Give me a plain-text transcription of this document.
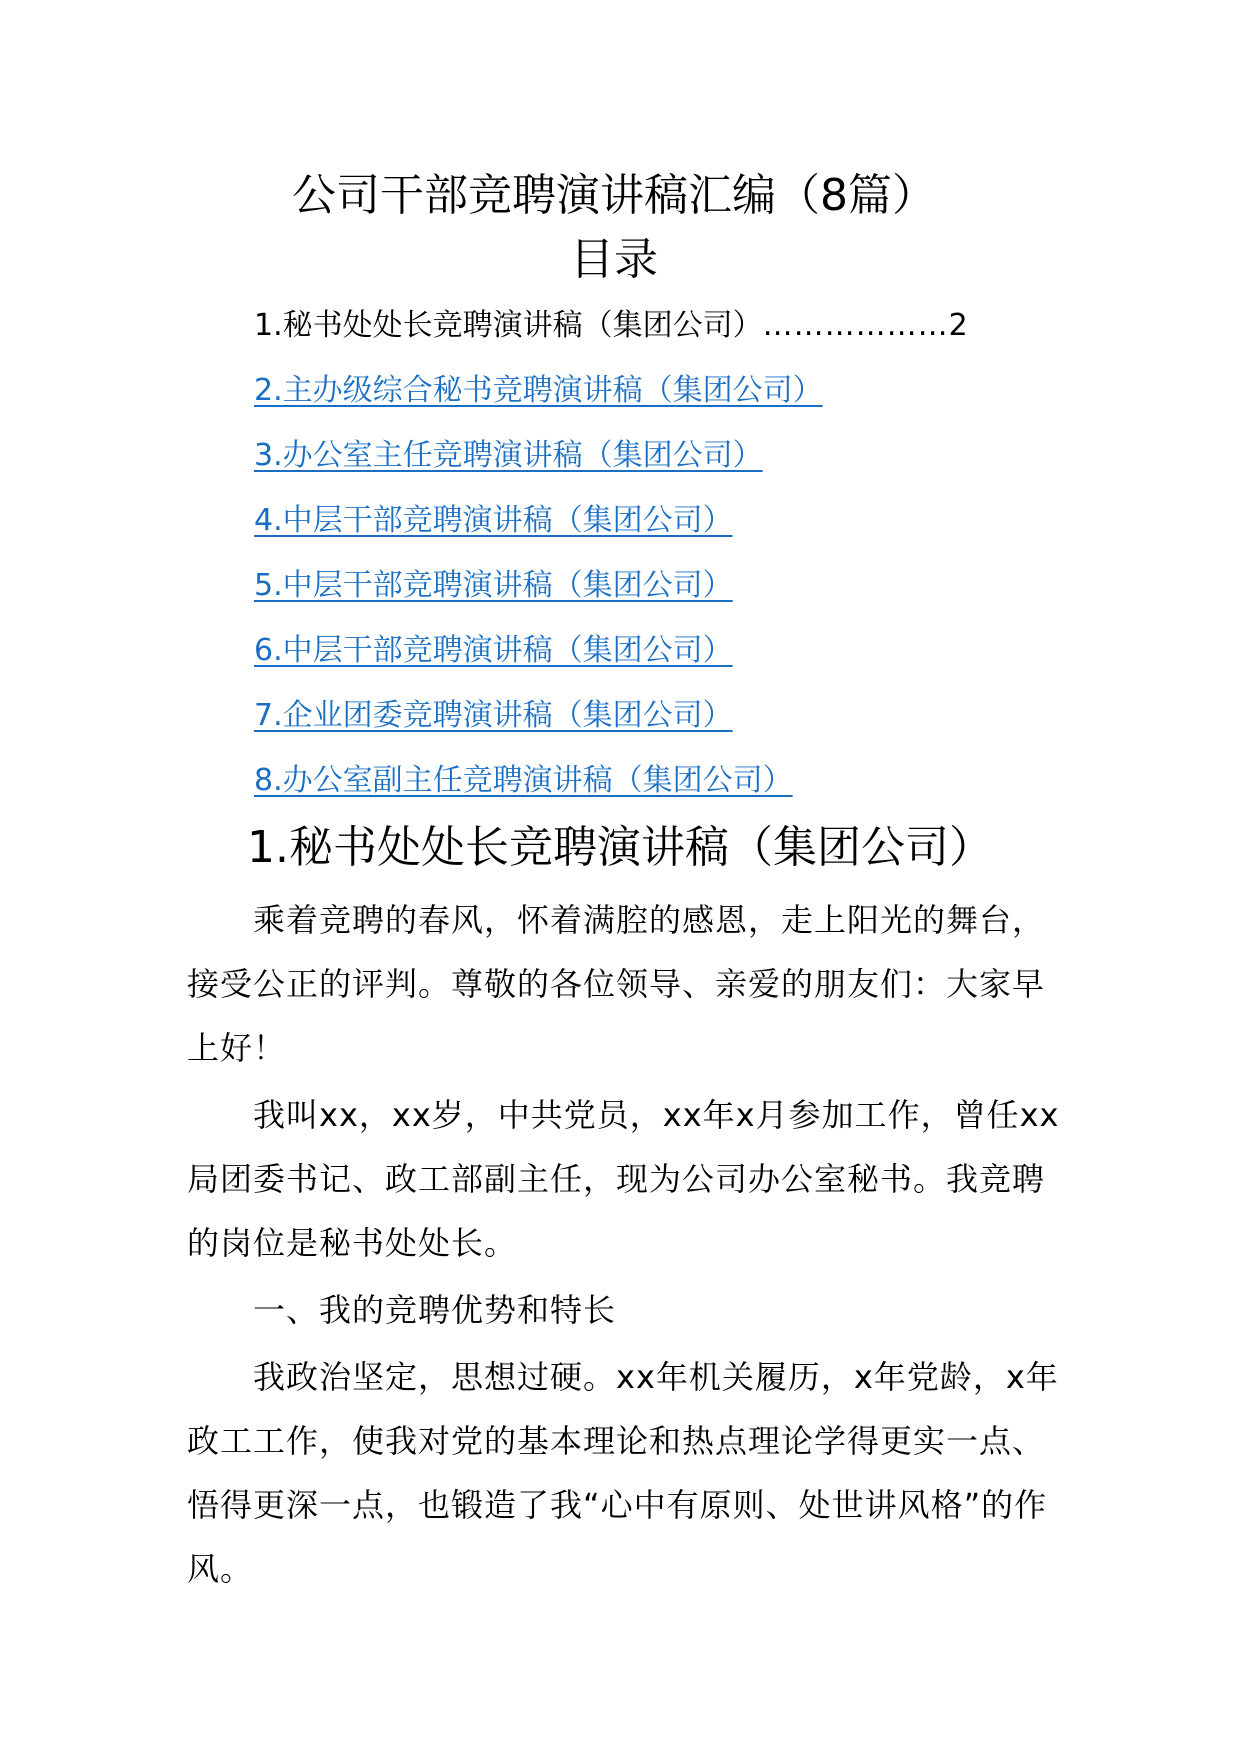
公司干部竞聘演讲稿汇编（8篇）
目录
1.秘书处处长竞聘演讲稿（集团公司）………………2
2.主办级综合秘书竞聘演讲稿（集团公司）
3.办公室主任竞聘演讲稿（集团公司）
4.中层干部竞聘演讲稿（集团公司）
5.中层干部竞聘演讲稿（集团公司）
6.中层干部竞聘演讲稿（集团公司）
7.企业团委竞聘演讲稿（集团公司）
8.办公室副主任竞聘演讲稿（集团公司）
1.秘书处处长竞聘演讲稿（集团公司）

乘着竞聘的春风，怀着满腔的感恩，走上阳光的舞台，接受公正的评判。尊敬的各位领导、亲爱的朋友们：大家早上好！

我叫xx，xx岁，中共党员，xx年x月参加工作，曾任xx局团委书记、政工部副主任，现为公司办公室秘书。我竞聘的岗位是秘书处处长。

一、我的竞聘优势和特长

我政治坚定，思想过硬。xx年机关履历，x年党龄，x年政工工作，使我对党的基本理论和热点理论学得更实一点、悟得更深一点，也锻造了我“心中有原则、处世讲风格”的作风。
